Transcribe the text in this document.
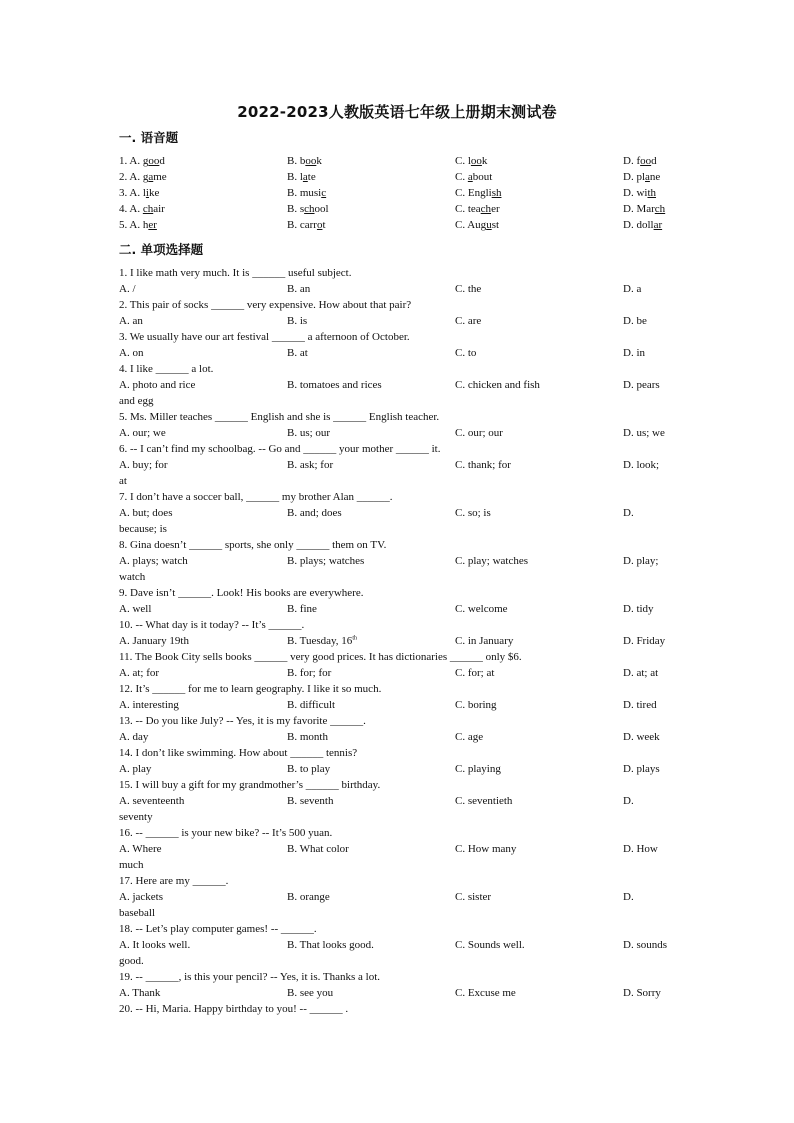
2022-2023人教版英语七年级上册期末测试卷
一. 语音题
1. A. good	B. book	C. look	D. food
2. A. game	B. late	C. about	D. plane
3. A. like	B. music	C. English	D. with
4. A. chair	B. school	C. teacher	D. March
5. A. her	B. carrot	C. August	D. dollar
二. 单项选择题
1. I like math very much. It is ______ useful subject.
A. /	B. an	C. the	D. a
2. This pair of socks ______ very expensive. How about that pair?
A. an	B. is	C. are	D. be
3. We usually have our art festival ______ a afternoon of October.
A. on	B. at	C. to	D. in
4. I like ______ a lot.
A. photo and rice	B. tomatoes and rices	C. chicken and fish	D. pears
and egg
5. Ms. Miller teaches ______ English and she is ______ English teacher.
A. our; we	B. us; our	C. our; our	D. us; we
6. -- I can’t find my schoolbag. -- Go and ______ your mother ______ it.
A. buy; for	B. ask; for	C. thank; for	D. look;
at
7. I don’t have a soccer ball, ______ my brother Alan ______.
A. but; does	B. and; does	C. so; is	D.
because; is
8. Gina doesn’t ______ sports, she only ______ them on TV.
A. plays; watch	B. plays; watches	C. play; watches	D. play;
watch
9. Dave isn’t ______. Look! His books are everywhere.
A. well	B. fine	C. welcome	D. tidy
10. -- What day is it today? -- It’s ______.
A. January 19th	B. Tuesday, 16th	C. in January	D. Friday
11. The Book City sells books ______ very good prices. It has dictionaries ______ only $6.
A. at; for	B. for; for	C. for; at	D. at; at
12. It’s ______ for me to learn geography. I like it so much.
A. interesting	B. difficult	C. boring	D. tired
13. -- Do you like July? -- Yes, it is my favorite ______.
A. day	B. month	C. age	D. week
14. I don’t like swimming. How about ______ tennis?
A. play	B. to play	C. playing	D. plays
15. I will buy a gift for my grandmother’s ______ birthday.
A. seventeenth	B. seventh	C. seventieth	D.
seventy
16. -- ______ is your new bike? -- It’s 500 yuan.
A. Where	B. What color	C. How many	D. How
much
17. Here are my ______.
A. jackets	B. orange	C. sister	D.
baseball
18. -- Let’s play computer games! -- ______.
A. It looks well.	B. That looks good.	C. Sounds well.	D. sounds
good.
19. -- ______, is this your pencil? -- Yes, it is. Thanks a lot.
A. Thank	B. see you	C. Excuse me	D. Sorry
20. -- Hi, Maria. Happy birthday to you! -- ______ .
